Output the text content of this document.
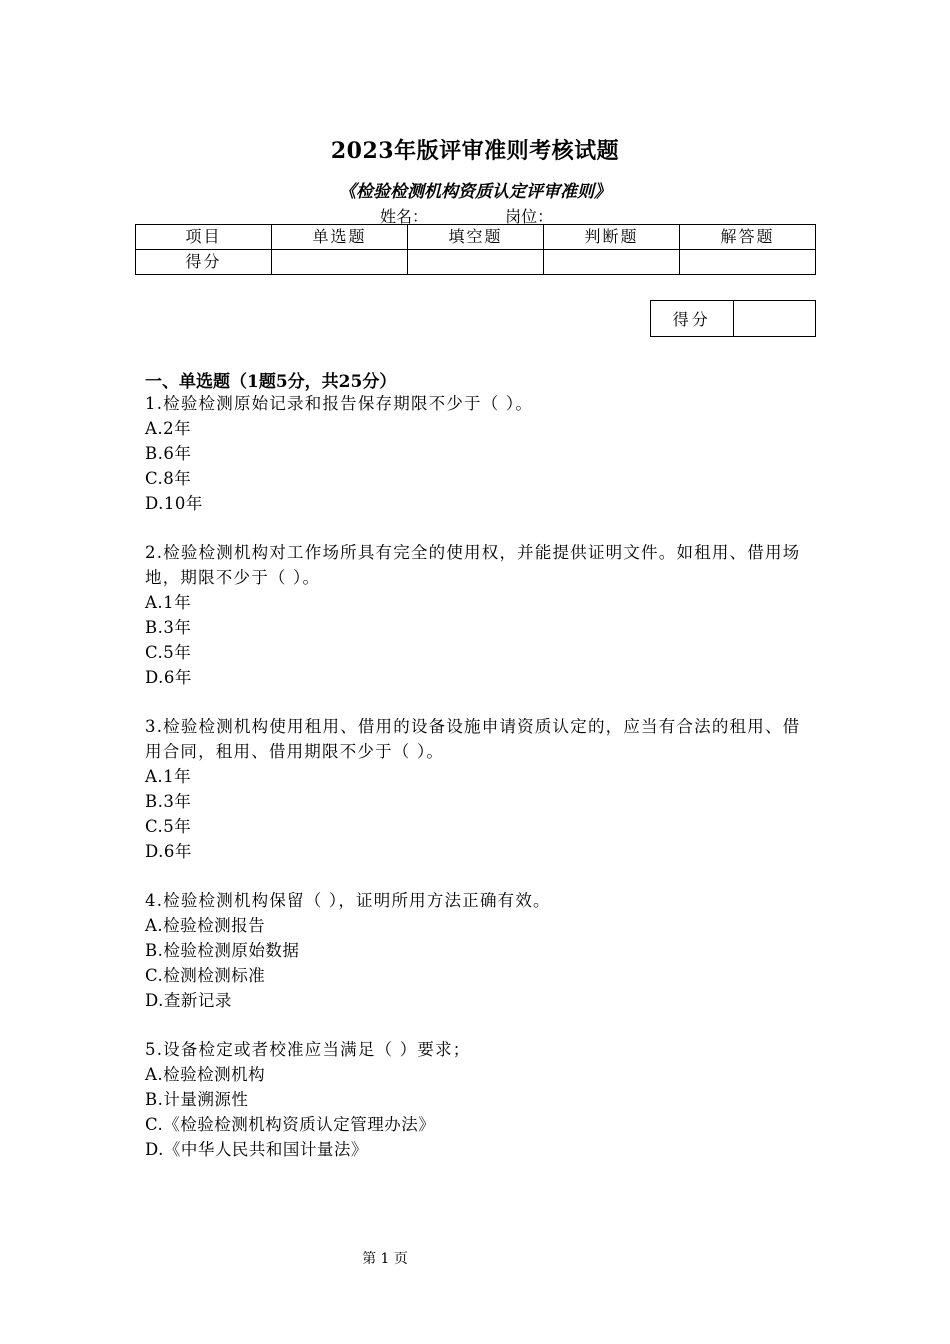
2023年版评审准则考核试题
《检验检测机构资质认定评审准则》
姓名：	岗位：
项目	单选题	填空题	判断题	解答题
得分				
得分	
一、单选题（1题5分，共25分）
1.检验检测原始记录和报告保存期限不少于（ ）。
A.2年
B.6年
C.8年
D.10年
2.检验检测机构对工作场所具有完全的使用权，并能提供证明文件。如租用、借用场地，期限不少于（ ）。
A.1年
B.3年
C.5年
D.6年
3.检验检测机构使用租用、借用的设备设施申请资质认定的，应当有合法的租用、借用合同，租用、借用期限不少于（ ）。
A.1年
B.3年
C.5年
D.6年
4.检验检测机构保留（ ），证明所用方法正确有效。
A.检验检测报告
B.检验检测原始数据
C.检测检测标准
D.查新记录
5.设备检定或者校准应当满足（ ）要求；
A.检验检测机构
B.计量溯源性
C.《检验检测机构资质认定管理办法》
D.《中华人民共和国计量法》
第 1 页
